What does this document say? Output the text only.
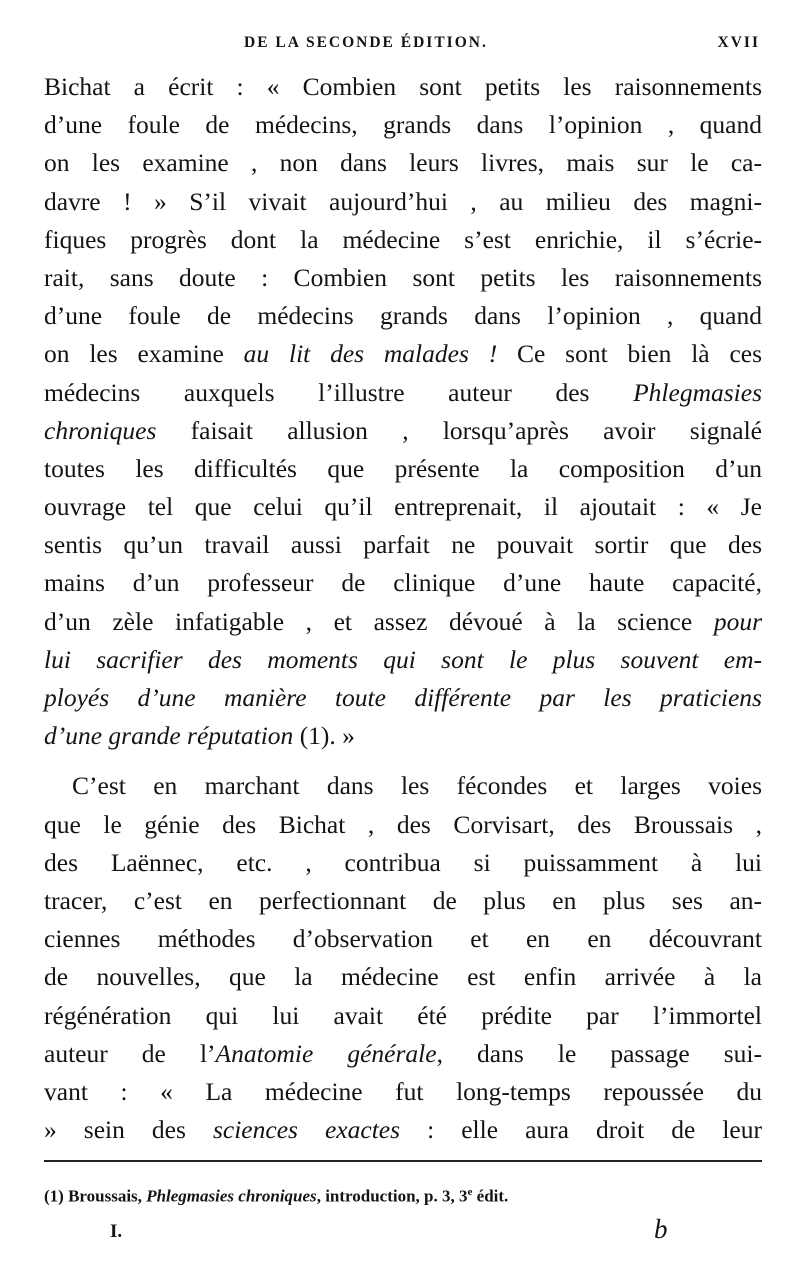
DE LA SECONDE ÉDITION.	XVII
Bichat a écrit : « Combien sont petits les raisonnements
d’une foule de médecins, grands dans l’opinion , quand
on les examine , non dans leurs livres, mais sur le ca-
davre ! » S’il vivait aujourd’hui , au milieu des magni-
fiques progrès dont la médecine s’est enrichie, il s’écrie-
rait, sans doute : Combien sont petits les raisonnements
d’une foule de médecins grands dans l’opinion , quand
on les examine au lit des malades ! Ce sont bien là ces
médecins auxquels l’illustre auteur des Phlegmasies
chroniques faisait allusion , lorsqu’après avoir signalé
toutes les difficultés que présente la composition d’un
ouvrage tel que celui qu’il entreprenait, il ajoutait : « Je
sentis qu’un travail aussi parfait ne pouvait sortir que des
mains d’un professeur de clinique d’une haute capacité,
d’un zèle infatigable , et assez dévoué à la science pour
lui sacrifier des moments qui sont le plus souvent em-
ployés d’une manière toute différente par les praticiens
d’une grande réputation (1). »
C’est en marchant dans les fécondes et larges voies
que le génie des Bichat , des Corvisart, des Broussais ,
des Laënnec, etc. , contribua si puissamment à lui
tracer, c’est en perfectionnant de plus en plus ses an-
ciennes méthodes d’observation et en en découvrant
de nouvelles, que la médecine est enfin arrivée à la
régénération qui lui avait été prédite par l’immortel
auteur de l’Anatomie générale, dans le passage sui-
vant : « La médecine fut long-temps repoussée du
» sein des sciences exactes : elle aura droit de leur
(1) Broussais, Phlegmasies chroniques, introduction, p. 3, 3e édit.
I.	b
